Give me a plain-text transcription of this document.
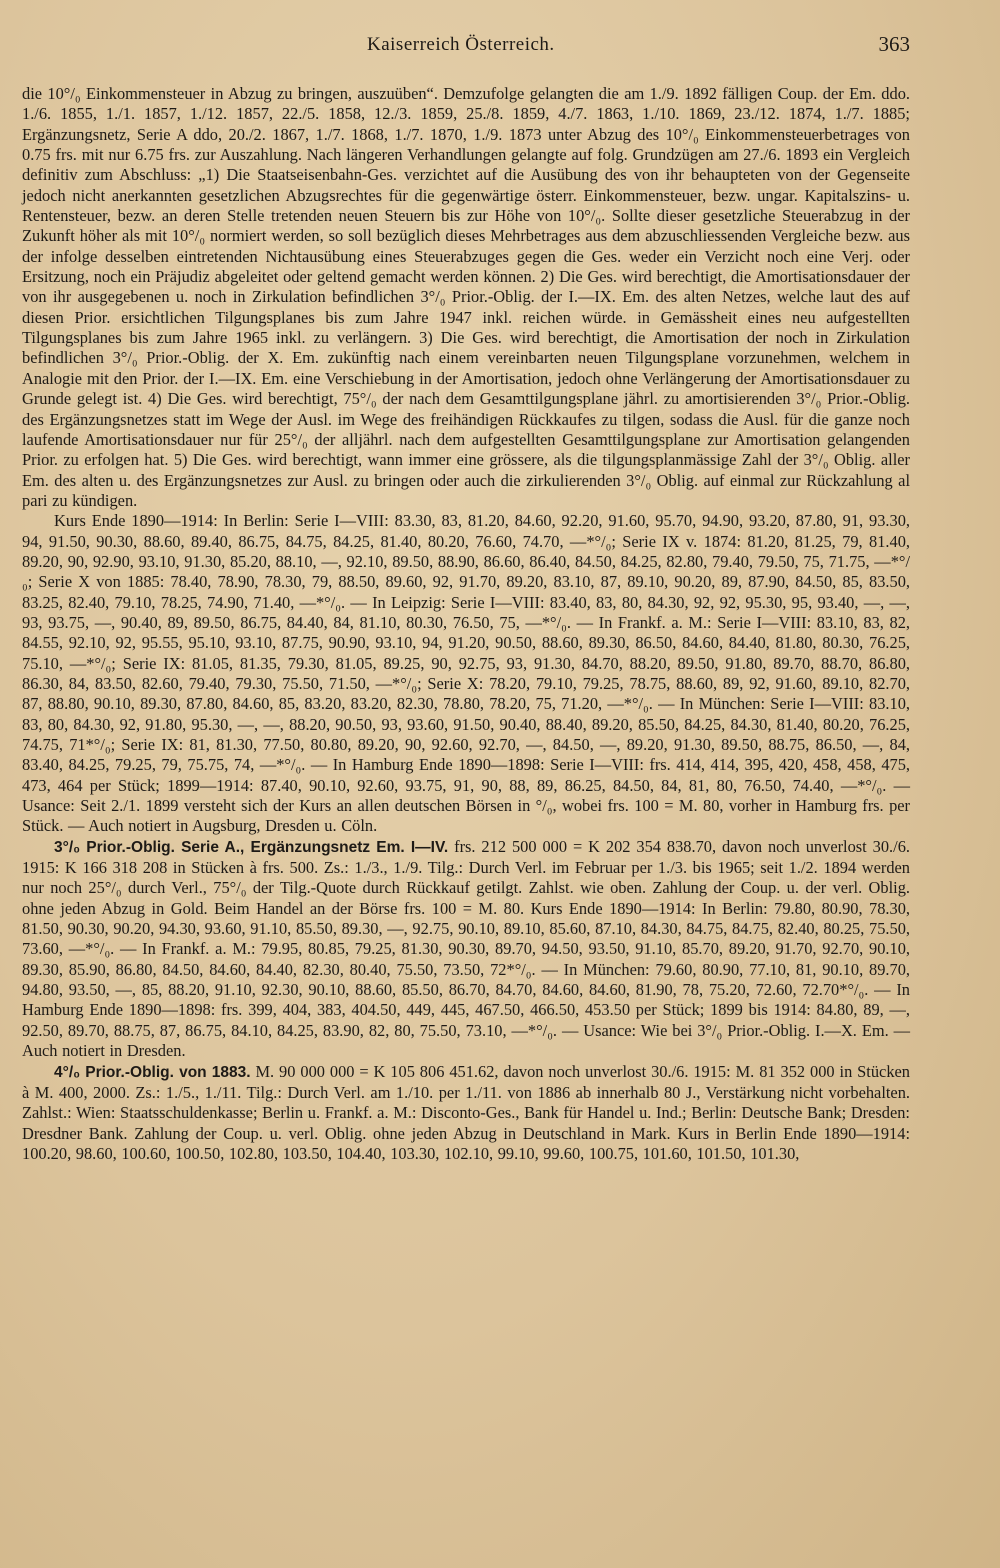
Kaiserreich Österreich.	363

die 10°/₀ Einkommensteuer in Abzug zu bringen, auszuüben“. Demzufolge gelangten die am 1./9. 1892 fälligen Coup. der Em. ddo. 1./6. 1855, 1./1. 1857, 1./12. 1857, 22./5. 1858, 12./3. 1859, 25./8. 1859, 4./7. 1863, 1./10. 1869, 23./12. 1874, 1./7. 1885; Ergänzungsnetz, Serie A ddo, 20./2. 1867, 1./7. 1868, 1./7. 1870, 1./9. 1873 unter Abzug des 10°/₀ Einkommensteuerbetrages von 0.75 frs. mit nur 6.75 frs. zur Auszahlung. Nach längeren Verhandlungen gelangte auf folg. Grundzügen am 27./6. 1893 ein Vergleich definitiv zum Abschluss: „1) Die Staatseisenbahn-Ges. verzichtet auf die Ausübung des von ihr behaupteten von der Gegenseite jedoch nicht anerkannten gesetzlichen Abzugsrechtes für die gegenwärtige österr. Einkommensteuer, bezw. ungar. Kapitalszins- u. Rentensteuer, bezw. an deren Stelle tretenden neuen Steuern bis zur Höhe von 10°/₀. Sollte dieser gesetzliche Steuerabzug in der Zukunft höher als mit 10°/₀ normiert werden, so soll bezüglich dieses Mehrbetrages aus dem abzuschliessenden Vergleiche bezw. aus der infolge desselben eintretenden Nichtausübung eines Steuerabzuges gegen die Ges. weder ein Verzicht noch eine Verj. oder Ersitzung, noch ein Präjudiz abgeleitet oder geltend gemacht werden können. 2) Die Ges. wird berechtigt, die Amortisationsdauer der von ihr ausgegebenen u. noch in Zirkulation befindlichen 3°/₀ Prior.-Oblig. der I.—IX. Em. des alten Netzes, welche laut des auf diesen Prior. ersichtlichen Tilgungsplanes bis zum Jahre 1947 inkl. reichen würde. in Gemässheit eines neu aufgestellten Tilgungsplanes bis zum Jahre 1965 inkl. zu verlängern. 3) Die Ges. wird berechtigt, die Amortisation der noch in Zirkulation befindlichen 3°/₀ Prior.-Oblig. der X. Em. zukünftig nach einem vereinbarten neuen Tilgungsplane vorzunehmen, welchem in Analogie mit den Prior. der I.—IX. Em. eine Verschiebung in der Amortisation, jedoch ohne Verlängerung der Amortisationsdauer zu Grunde gelegt ist. 4) Die Ges. wird berechtigt, 75°/₀ der nach dem Gesamttilgungsplane jährl. zu amortisierenden 3°/₀ Prior.-Oblig. des Ergänzungsnetzes statt im Wege der Ausl. im Wege des freihändigen Rückkaufes zu tilgen, sodass die Ausl. für die ganze noch laufende Amortisationsdauer nur für 25°/₀ der alljährl. nach dem aufgestellten Gesamttilgungsplane zur Amortisation gelangenden Prior. zu erfolgen hat. 5) Die Ges. wird berechtigt, wann immer eine grössere, als die tilgungsplanmässige Zahl der 3°/₀ Oblig. aller Em. des alten u. des Ergänzungsnetzes zur Ausl. zu bringen oder auch die zirkulierenden 3°/₀ Oblig. auf einmal zur Rückzahlung al pari zu kündigen.

Kurs Ende 1890—1914: In Berlin: Serie I—VIII: 83.30, 83, 81.20, 84.60, 92.20, 91.60, 95.70, 94.90, 93.20, 87.80, 91, 93.30, 94, 91.50, 90.30, 88.60, 89.40, 86.75, 84.75, 84.25, 81.40, 80.20, 76.60, 74.70, —*°/₀; Serie IX v. 1874: 81.20, 81.25, 79, 81.40, 89.20, 90, 92.90, 93.10, 91.30, 85.20, 88.10, —, 92.10, 89.50, 88.90, 86.60, 86.40, 84.50, 84.25, 82.80, 79.40, 79.50, 75, 71.75, —*°/₀; Serie X von 1885: 78.40, 78.90, 78.30, 79, 88.50, 89.60, 92, 91.70, 89.20, 83.10, 87, 89.10, 90.20, 89, 87.90, 84.50, 85, 83.50, 83.25, 82.40, 79.10, 78.25, 74.90, 71.40, —*°/₀. — In Leipzig: Serie I—VIII: 83.40, 83, 80, 84.30, 92, 92, 95.30, 95, 93.40, —, —, 93, 93.75, —, 90.40, 89, 89.50, 86.75, 84.40, 84, 81.10, 80.30, 76.50, 75, —*°/₀. — In Frankf. a. M.: Serie I—VIII: 83.10, 83, 82, 84.55, 92.10, 92, 95.55, 95.10, 93.10, 87.75, 90.90, 93.10, 94, 91.20, 90.50, 88.60, 89.30, 86.50, 84.60, 84.40, 81.80, 80.30, 76.25, 75.10, —*°/₀; Serie IX: 81.05, 81.35, 79.30, 81.05, 89.25, 90, 92.75, 93, 91.30, 84.70, 88.20, 89.50, 91.80, 89.70, 88.70, 86.80, 86.30, 84, 83.50, 82.60, 79.40, 79.30, 75.50, 71.50, —*°/₀; Serie X: 78.20, 79.10, 79.25, 78.75, 88.60, 89, 92, 91.60, 89.10, 82.70, 87, 88.80, 90.10, 89.30, 87.80, 84.60, 85, 83.20, 83.20, 82.30, 78.80, 78.20, 75, 71.20, —*°/₀. — In München: Serie I—VIII: 83.10, 83, 80, 84.30, 92, 91.80, 95.30, —, —, 88.20, 90.50, 93, 93.60, 91.50, 90.40, 88.40, 89.20, 85.50, 84.25, 84.30, 81.40, 80.20, 76.25, 74.75, 71*°/₀; Serie IX: 81, 81.30, 77.50, 80.80, 89.20, 90, 92.60, 92.70, —, 84.50, —, 89.20, 91.30, 89.50, 88.75, 86.50, —, 84, 83.40, 84.25, 79.25, 79, 75.75, 74, —*°/₀. — In Hamburg Ende 1890—1898: Serie I—VIII: frs. 414, 414, 395, 420, 458, 458, 475, 473, 464 per Stück; 1899—1914: 87.40, 90.10, 92.60, 93.75, 91, 90, 88, 89, 86.25, 84.50, 84, 81, 80, 76.50, 74.40, —*°/₀. — Usance: Seit 2./1. 1899 versteht sich der Kurs an allen deutschen Börsen in °/₀, wobei frs. 100 = M. 80, vorher in Hamburg frs. per Stück. — Auch notiert in Augsburg, Dresden u. Cöln.

3°/₀ Prior.-Oblig. Serie A., Ergänzungsnetz Em. I—IV. frs. 212 500 000 = K 202 354 838.70, davon noch unverlost 30./6. 1915: K 166 318 208 in Stücken à frs. 500. Zs.: 1./3., 1./9. Tilg.: Durch Verl. im Februar per 1./3. bis 1965; seit 1./2. 1894 werden nur noch 25°/₀ durch Verl., 75°/₀ der Tilg.-Quote durch Rückkauf getilgt. Zahlst. wie oben. Zahlung der Coup. u. der verl. Oblig. ohne jeden Abzug in Gold. Beim Handel an der Börse frs. 100 = M. 80. Kurs Ende 1890—1914: In Berlin: 79.80, 80.90, 78.30, 81.50, 90.30, 90.20, 94.30, 93.60, 91.10, 85.50, 89.30, —, 92.75, 90.10, 89.10, 85.60, 87.10, 84.30, 84.75, 84.75, 82.40, 80.25, 75.50, 73.60, —*°/₀. — In Frankf. a. M.: 79.95, 80.85, 79.25, 81.30, 90.30, 89.70, 94.50, 93.50, 91.10, 85.70, 89.20, 91.70, 92.70, 90.10, 89.30, 85.90, 86.80, 84.50, 84.60, 84.40, 82.30, 80.40, 75.50, 73.50, 72*°/₀. — In München: 79.60, 80.90, 77.10, 81, 90.10, 89.70, 94.80, 93.50, —, 85, 88.20, 91.10, 92.30, 90.10, 88.60, 85.50, 86.70, 84.70, 84.60, 84.60, 81.90, 78, 75.20, 72.60, 72.70*°/₀. — In Hamburg Ende 1890—1898: frs. 399, 404, 383, 404.50, 449, 445, 467.50, 466.50, 453.50 per Stück; 1899 bis 1914: 84.80, 89, —, 92.50, 89.70, 88.75, 87, 86.75, 84.10, 84.25, 83.90, 82, 80, 75.50, 73.10, —*°/₀. — Usance: Wie bei 3°/₀ Prior.-Oblig. I.—X. Em. — Auch notiert in Dresden.

4°/₀ Prior.-Oblig. von 1883. M. 90 000 000 = K 105 806 451.62, davon noch unverlost 30./6. 1915: M. 81 352 000 in Stücken à M. 400, 2000. Zs.: 1./5., 1./11. Tilg.: Durch Verl. am 1./10. per 1./11. von 1886 ab innerhalb 80 J., Verstärkung nicht vorbehalten. Zahlst.: Wien: Staatsschuldenkasse; Berlin u. Frankf. a. M.: Disconto-Ges., Bank für Handel u. Ind.; Berlin: Deutsche Bank; Dresden: Dresdner Bank. Zahlung der Coup. u. verl. Oblig. ohne jeden Abzug in Deutschland in Mark. Kurs in Berlin Ende 1890—1914: 100.20, 98.60, 100.60, 100.50, 102.80, 103.50, 104.40, 103.30, 102.10, 99.10, 99.60, 100.75, 101.60, 101.50, 101.30,
